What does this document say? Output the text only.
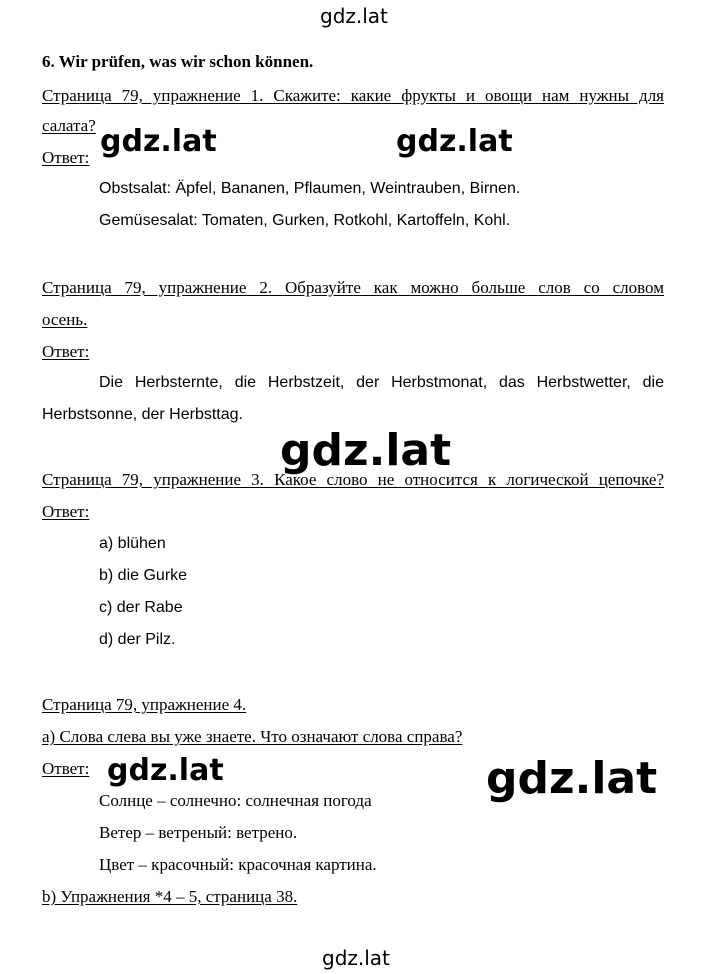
gdz.lat
6. Wir prüfen, was wir schon können.
Страница 79, упражнение 1. Скажите: какие фрукты и овощи нам нужны для
салата?
Ответ:
Obstsalat: Äpfel, Bananen, Pflaumen, Weintrauben, Birnen.
Gemüsesalat: Tomaten, Gurken, Rotkohl, Kartoffeln, Kohl.
Страница 79, упражнение 2. Образуйте как можно больше слов со словом
осень.
Ответ:
Die Herbsternte, die Herbstzeit, der Herbstmonat, das Herbstwetter, die
Herbstsonne, der Herbsttag.
Страница 79, упражнение 3. Какое слово не относится к логической цепочке?
Ответ:
a) blühen
b) die Gurke
c) der Rabe
d) der Pilz.
Страница 79, упражнение 4.
a) Слова слева вы уже знаете. Что означают слова справа?
Ответ:
Солнце – солнечно: солнечная погода
Ветер – ветреный: ветрено.
Цвет – красочный: красочная картина.
b) Упражнения *4 – 5, страница 38.
gdz.lat	gdz.lat
gdz.lat
gdz.lat	gdz.lat
gdz.lat
